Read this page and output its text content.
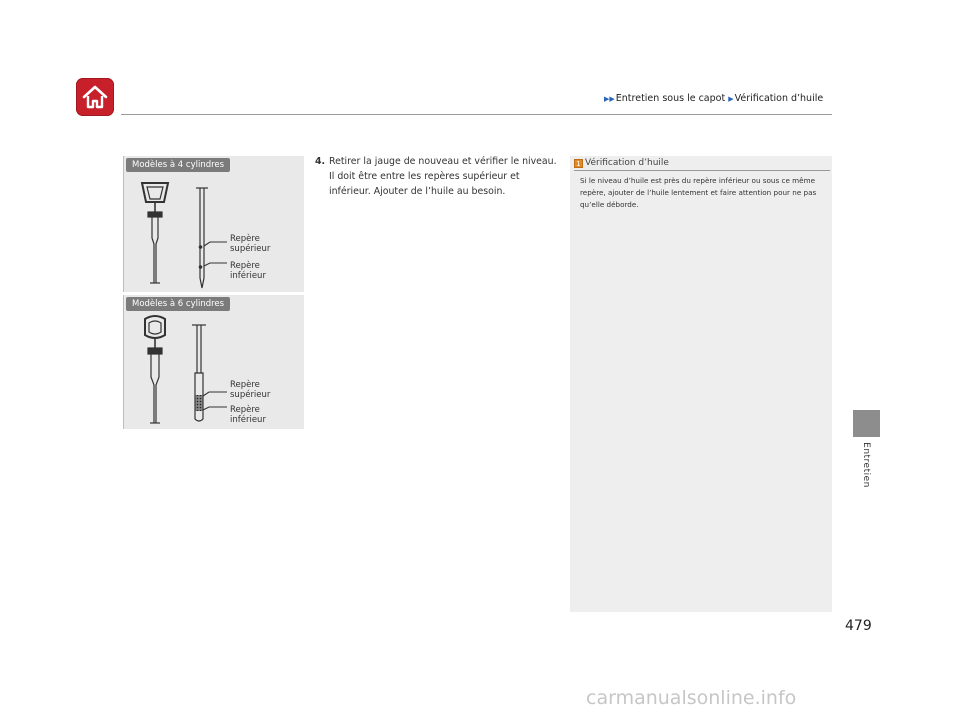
▶ ▶ Entretien sous le capot ▶ Vérification d’huile
Modèles à 4 cylindres
Repère
supérieur
Repère
inférieur
Modèles à 6 cylindres
Repère
supérieur
Repère
inférieur
4. Retirer la jauge de nouveau et vérifier le niveau. Il doit être entre les repères supérieur et inférieur. Ajouter de l’huile au besoin.
1 Vérification d’huile
Si le niveau d’huile est près du repère inférieur ou sous ce même repère, ajouter de l’huile lentement et faire attention pour ne pas qu’elle déborde.
Entretien
479
carmanualsonline.info
